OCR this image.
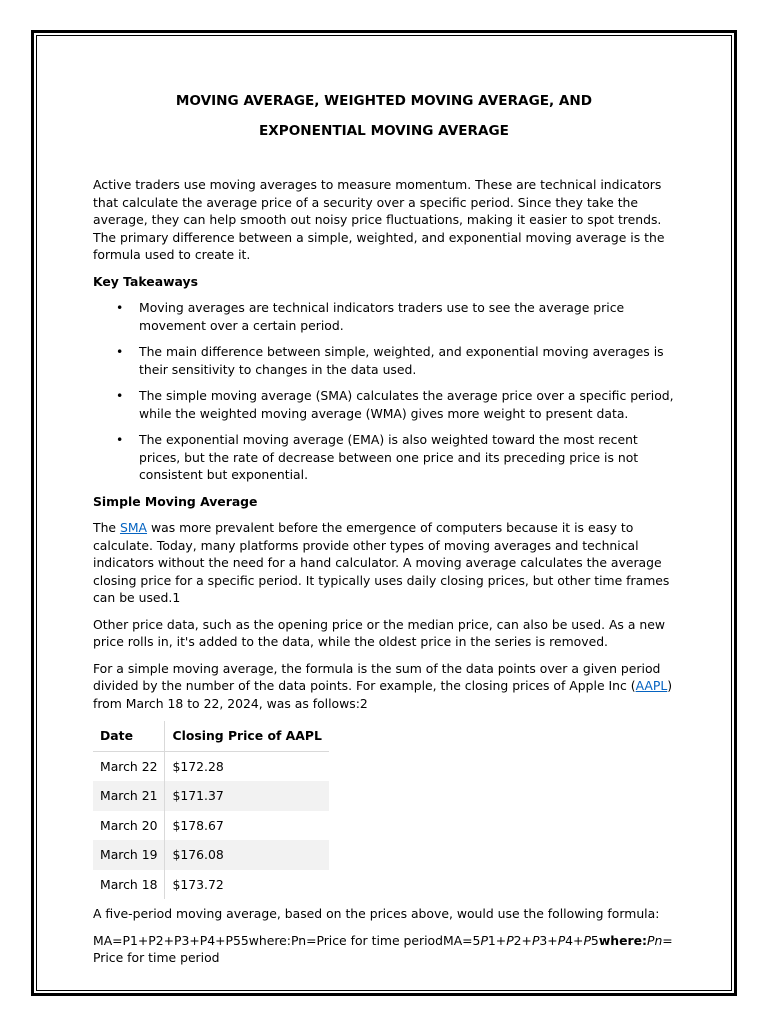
MOVING AVERAGE, WEIGHTED MOVING AVERAGE, AND
EXPONENTIAL MOVING AVERAGE

Active traders use moving averages to measure momentum. These are technical indicators that calculate the average price of a security over a specific period. Since they take the average, they can help smooth out noisy price fluctuations, making it easier to spot trends. The primary difference between a simple, weighted, and exponential moving average is the formula used to create it.

Key Takeaways
• Moving averages are technical indicators traders use to see the average price movement over a certain period.
• The main difference between simple, weighted, and exponential moving averages is their sensitivity to changes in the data used.
• The simple moving average (SMA) calculates the average price over a specific period, while the weighted moving average (WMA) gives more weight to present data.
• The exponential moving average (EMA) is also weighted toward the most recent prices, but the rate of decrease between one price and its preceding price is not consistent but exponential.
Simple Moving Average

The SMA was more prevalent before the emergence of computers because it is easy to calculate. Today, many platforms provide other types of moving averages and technical indicators without the need for a hand calculator. A moving average calculates the average closing price for a specific period. It typically uses daily closing prices, but other time frames can be used.1

Other price data, such as the opening price or the median price, can also be used. As a new price rolls in, it's added to the data, while the oldest price in the series is removed.

For a simple moving average, the formula is the sum of the data points over a given period divided by the number of the data points. For example, the closing prices of Apple Inc (AAPL) from March 18 to 22, 2024, was as follows:2

Date	Closing Price of AAPL
March 22	$172.28
March 21	$171.37
March 20	$178.67
March 19	$176.08
March 18	$173.72

A five-period moving average, based on the prices above, would use the following formula:

MA=P1+P2+P3+P4+P55where:Pn=Price for time periodMA=5P1+P2+P3+P4+P5where:Pn=Price for time period
